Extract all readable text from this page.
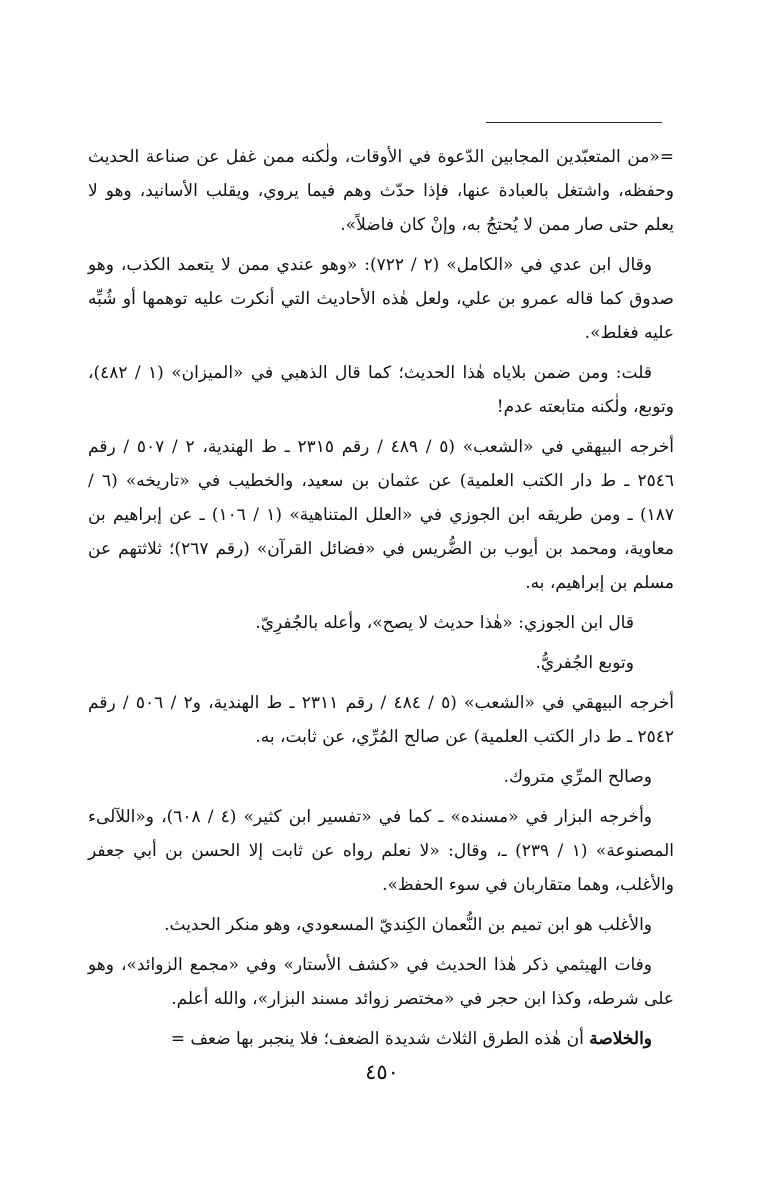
=«من المتعبّدين المجابين الدّعوة في الأوقات، ولٰكنه ممن غفل عن صناعة الحديث وحفظه، واشتغل بالعبادة عنها، فإذا حدّث وهم فيما يروي، ويقلب الأسانيد، وهو لا يعلم حتى صار ممن لا يُحتجُ به، وإنْ كان فاضلاً».

وقال ابن عدي في «الكامل» (٢ / ٧٢٢): «وهو عندي ممن لا يتعمد الكذب، وهو صدوق كما قاله عمرو بن علي، ولعل هٰذه الأحاديث التي أنكرت عليه توهمها أو شُبِّه عليه فغلط».

قلت: ومن ضمن بلاياه هٰذا الحديث؛ كما قال الذهبي في «الميزان» (١ / ٤٨٢)، وتوبع، ولٰكنه متابعته عدم!

أخرجه البيهقي في «الشعب» (٥ / ٤٨٩ / رقم ٢٣١٥ ـ ط الهندية، ٢ / ٥٠٧ / رقم ٢٥٤٦ ـ ط دار الكتب العلمية) عن عثمان بن سعيد، والخطيب في «تاريخه» (٦ / ١٨٧) ـ ومن طريقه ابن الجوزي في «العلل المتناهية» (١ / ١٠٦) ـ عن إبراهيم بن معاوية، ومحمد بن أيوب بن الضُّريس في «فضائل القرآن» (رقم ٢٦٧)؛ ثلاثتهم عن مسلم بن إبراهيم، به.

قال ابن الجوزي: «هٰذا حديث لا يصح»، وأعله بالجُفرِيّ.

وتوبع الجُفريُّ.

أخرجه البيهقي في «الشعب» (٥ / ٤٨٤ / رقم ٢٣١١ ـ ط الهندية، و٢ / ٥٠٦ / رقم ٢٥٤٢ ـ ط دار الكتب العلمية) عن صالح المُرِّي، عن ثابت، به.

وصالح المرِّي متروك.

وأخرجه البزار في «مسنده» ـ كما في «تفسير ابن كثير» (٤ / ٦٠٨)، و«اللآلىء المصنوعة» (١ / ٢٣٩) ـ، وقال: «لا نعلم رواه عن ثابت إلا الحسن بن أبي جعفر والأغلب، وهما متقاربان في سوء الحفظ».

والأغلب هو ابن تميم بن النُّعمان الكِنديّ المسعودي، وهو منكر الحديث.

وفات الهيثمي ذكر هٰذا الحديث في «كشف الأستار» وفي «مجمع الزوائد»، وهو على شرطه، وكذا ابن حجر في «مختصر زوائد مسند البزار»، والله أعلم.

والخلاصة أن هٰذه الطرق الثلاث شديدة الضعف؛ فلا ينجبر بها ضعف =

٤٥٠
